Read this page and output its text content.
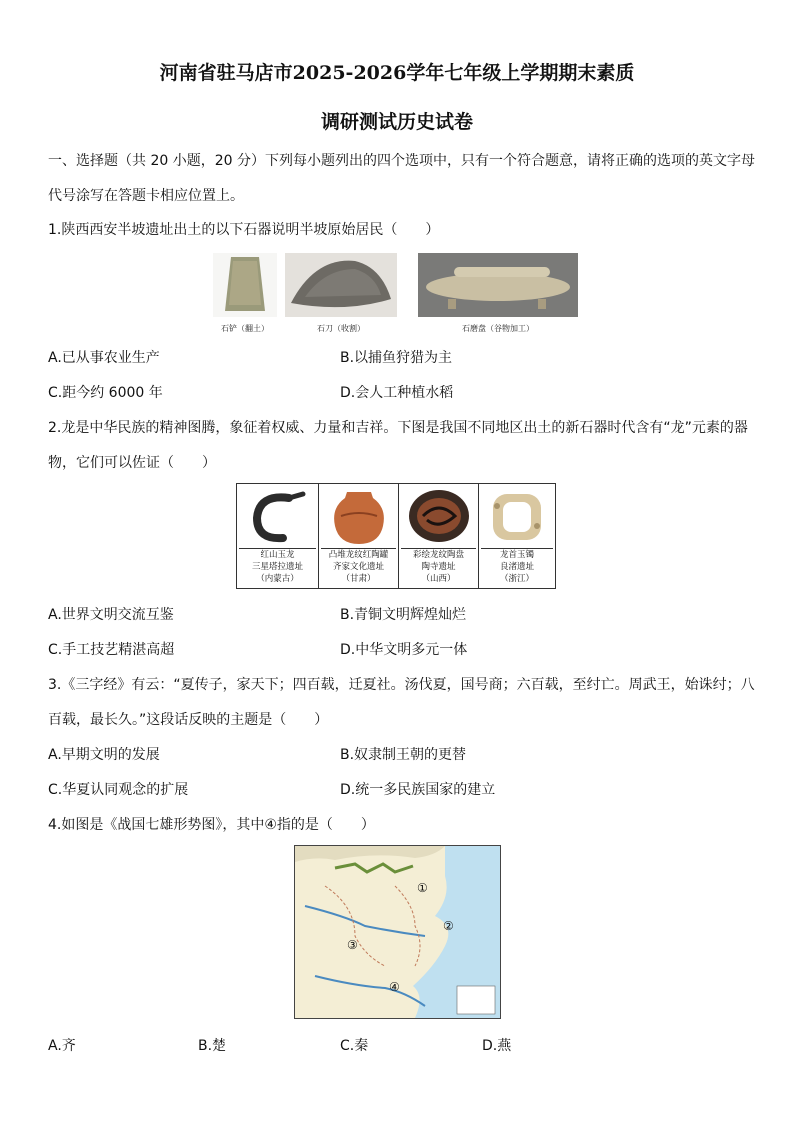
河南省驻马店市2025-2026学年七年级上学期期末素质
调研测试历史试卷
一、选择题（共 20 小题，20 分）下列每小题列出的四个选项中，只有一个符合题意，请将正确的选项的英文字母
代号涂写在答题卡相应位置上。
1.陕西西安半坡遗址出土的以下石器说明半坡原始居民（　　）
石铲（翻土）	石刀（收割）	石磨盘（谷物加工）
A.已从事农业生产	B.以捕鱼狩猎为主
C.距今约 6000 年	D.会人工种植水稻
2.龙是中华民族的精神图腾，象征着权威、力量和吉祥。下图是我国不同地区出土的新石器时代含有“龙”元素的器
物，它们可以佐证（　　）
红山玉龙
三星塔拉遗址
（内蒙古）
凸堆龙纹红陶罐
齐家文化遗址
（甘肃）
彩绘龙纹陶盘
陶寺遗址
（山西）
龙首玉镯
良渚遗址
（浙江）
A.世界文明交流互鉴	B.青铜文明辉煌灿烂
C.手工技艺精湛高超	D.中华文明多元一体
3.《三字经》有云：“夏传子，家天下；四百载，迁夏社。汤伐夏，国号商；六百载，至纣亡。周武王，始诛纣；八
百载，最长久。”这段话反映的主题是（　　）
A.早期文明的发展	B.奴隶制王朝的更替
C.华夏认同观念的扩展	D.统一多民族国家的建立
4.如图是《战国七雄形势图》，其中④指的是（　　）
①
②
③
④
A.齐	B.楚	C.秦	D.燕
